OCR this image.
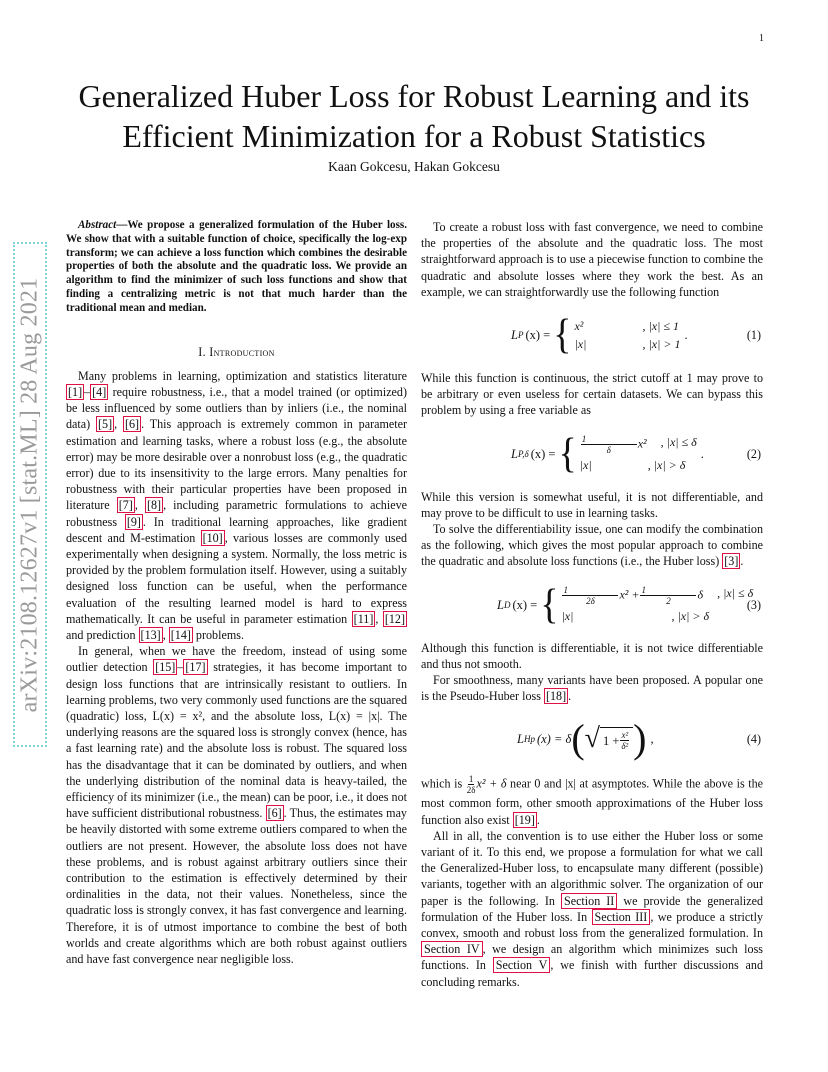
1
arXiv:2108.12627v1 [stat.ML] 28 Aug 2021
Generalized Huber Loss for Robust Learning and its Efficient Minimization for a Robust Statistics
Kaan Gokcesu, Hakan Gokcesu
Abstract—We propose a generalized formulation of the Huber loss. We show that with a suitable function of choice, specifically the log-exp transform; we can achieve a loss function which combines the desirable properties of both the absolute and the quadratic loss. We provide an algorithm to find the minimizer of such loss functions and show that finding a centralizing metric is not that much harder than the traditional mean and median.
I. Introduction

Many problems in learning, optimization and statistics literature [1] – [4] require robustness, i.e., that a model trained (or optimized) be less influenced by some outliers than by inliers (i.e., the nominal data) [5] , [6] . This approach is extremely common in parameter estimation and learning tasks, where a robust loss (e.g., the absolute error) may be more desirable over a nonrobust loss (e.g., the quadratic error) due to its insensitivity to the large errors. Many penalties for robustness with their particular properties have been proposed in literature [7] , [8] , including parametric formulations to achieve robustness [9] . In traditional learning approaches, like gradient descent and M-estimation [10] , various losses are commonly used experimentally when designing a system. Normally, the loss metric is provided by the problem formulation itself. However, using a suitably designed loss function can be useful, when the performance evaluation of the resulting learned model is hard to express mathematically. It can be useful in parameter estimation [11] , [12] and prediction [13] , [14] problems.

In general, when we have the freedom, instead of using some outlier detection [15] – [17] strategies, it has become important to design loss functions that are intrinsically resistant to outliers. In learning problems, two very commonly used functions are the squared (quadratic) loss, L(x) = x², and the absolute loss, L(x) = |x|. The underlying reasons are the squared loss is strongly convex (hence, has a fast learning rate) and the absolute loss is robust. The squared loss has the disadvantage that it can be dominated by outliers, and when the underlying distribution of the nominal data is heavy-tailed, the efficiency of its minimizer (i.e., the mean) can be poor, i.e., it does not have sufficient distributional robustness. [6] . Thus, the estimates may be heavily distorted with some extreme outliers compared to when the outliers are not present. However, the absolute loss does not have these problems, and is robust against arbitrary outliers since their contribution to the estimation is effectively determined by their ordinalities in the data, not their values. Nonetheless, since the quadratic loss is strongly convex, it has fast convergence and learning. Therefore, it is of utmost importance to combine the best of both worlds and create algorithms which are both robust against outliers and have fast convergence near negligible loss.

To create a robust loss with fast convergence, we need to combine the properties of the absolute and the quadratic loss. The most straightforward approach is to use a piecewise function to combine the quadratic and absolute losses where they work the best. As an example, we can straightforwardly use the following function

L P (x) = { x²	, |x| ≤ 1
|x|	, |x| > 1
.	(1)

While this function is continuous, the strict cutoff at 1 may prove to be arbitrary or even useless for certain datasets. We can bypass this problem by using a free variable as

L P,δ (x) = { $\frac{1}{\delta} x^2$ , |x| ≤ δ
|x|	, |x| > δ
.	(2)

While this version is somewhat useful, it is not differentiable, and may prove to be difficult to use in learning tasks.

To solve the differentiability issue, one can modify the combination as the following, which gives the most popular approach to combine the quadratic and absolute loss functions (i.e., the Huber loss) [3] .

L D (x) = { $\frac{1}{2\delta} x^2 + \frac{1}{2}$ δ , |x| ≤ δ
|x|	, |x| > δ
(3)

Although this function is differentiable, it is not twice differentiable and thus not smooth.

For smoothness, many variants have been proposed. A popular one is the Pseudo-Huber loss [18] .

L Hp (x) = δ ( √ $1 + \frac{\text{x²}}{\text{δ²}}$ ) ,	(4)

which is $\frac{1}{2\delta} x^2 + \delta$ near 0 and |x| at asymptotes. While the above is the most common form, other smooth approximations of the Huber loss function also exist [19] .

All in all, the convention is to use either the Huber loss or some variant of it. To this end, we propose a formulation for what we call the Generalized-Huber loss, to encapsulate many different (possible) variants, together with an algorithmic solver. The organization of our paper is the following. In Section II we provide the generalized formulation of the Huber loss. In Section III , we produce a strictly convex, smooth and robust loss from the generalized formulation. In Section IV , we design an algorithm which minimizes such loss functions. In Section V , we finish with further discussions and concluding remarks.
